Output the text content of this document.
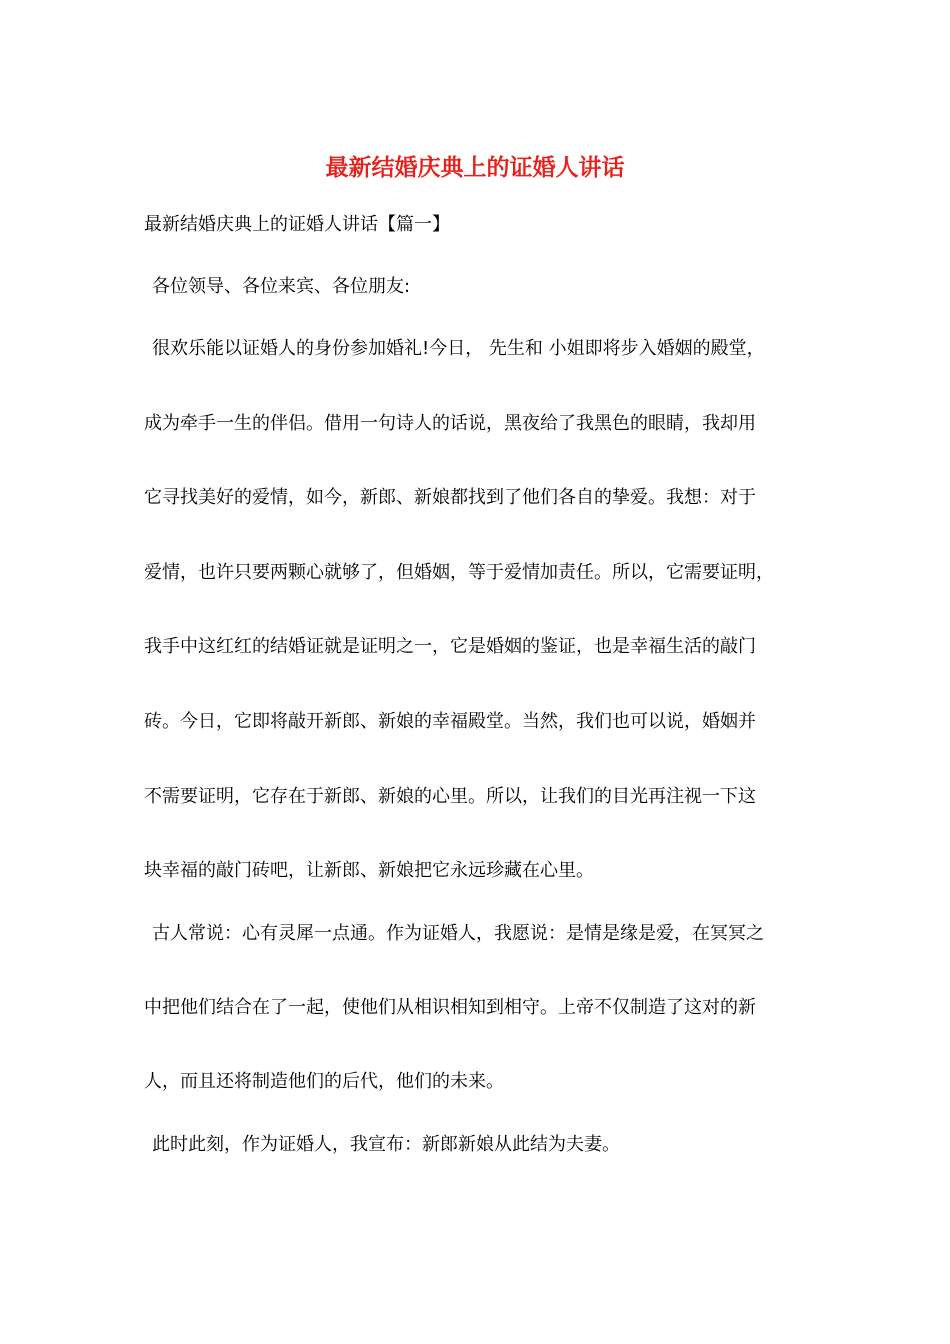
最新结婚庆典上的证婚人讲话
最新结婚庆典上的证婚人讲话【篇一】
各位领导、各位来宾、各位朋友:
很欢乐能以证婚人的身份参加婚礼!今日， 先生和 小姐即将步入婚姻的殿堂，
成为牵手一生的伴侣。借用一句诗人的话说，黑夜给了我黑色的眼睛，我却用
它寻找美好的爱情，如今，新郎、新娘都找到了他们各自的挚爱。我想：对于
爱情，也许只要两颗心就够了，但婚姻，等于爱情加责任。所以，它需要证明，
我手中这红红的结婚证就是证明之一，它是婚姻的鉴证，也是幸福生活的敲门
砖。今日，它即将敲开新郎、新娘的幸福殿堂。当然，我们也可以说，婚姻并
不需要证明，它存在于新郎、新娘的心里。所以，让我们的目光再注视一下这
块幸福的敲门砖吧，让新郎、新娘把它永远珍藏在心里。
古人常说：心有灵犀一点通。作为证婚人，我愿说：是情是缘是爱，在冥冥之
中把他们结合在了一起，使他们从相识相知到相守。上帝不仅制造了这对的新
人，而且还将制造他们的后代，他们的未来。
此时此刻，作为证婚人，我宣布：新郎新娘从此结为夫妻。
